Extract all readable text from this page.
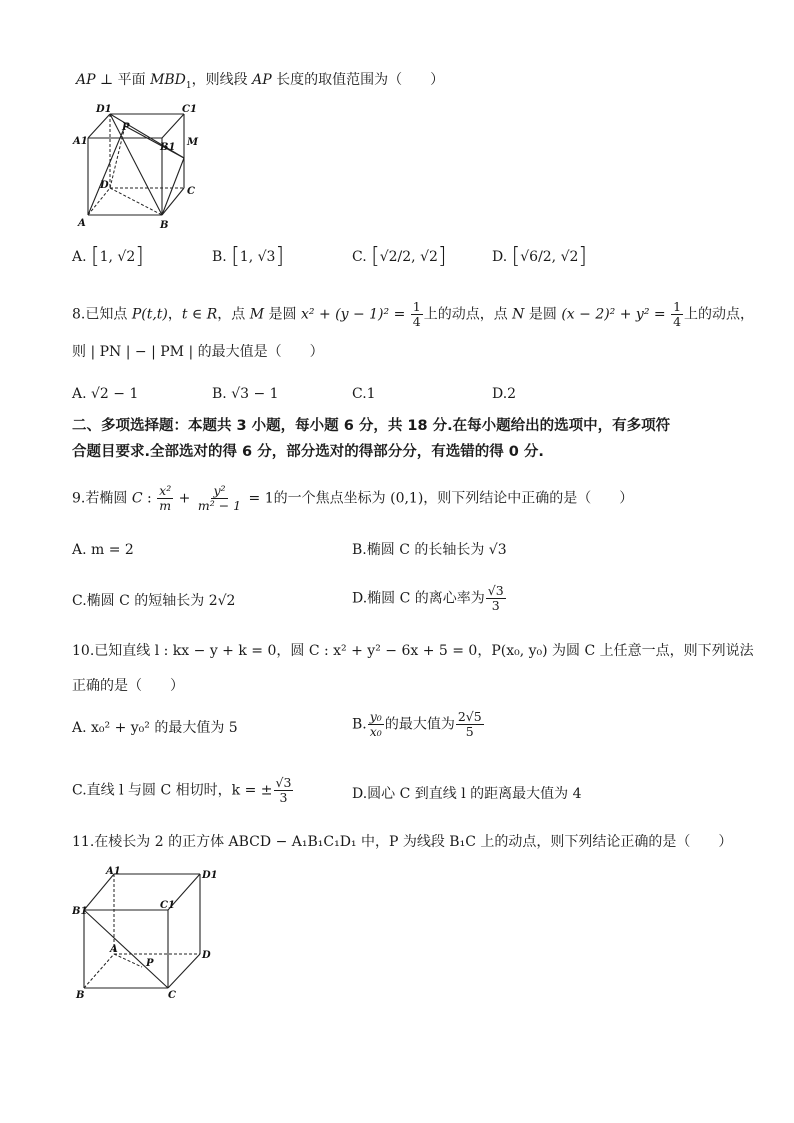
AP ⊥ 平面 $MBD_1$，则线段 AP 长度的取值范围为（　　）
D1	C1
P
A1
B1 M
D
C
A	B
A. [1, √2]	B. [1, √3]	C. [√2/2, √2]	D. [√6/2, √2]
8.已知点 P(t,t)，t ∈ R，点 M 是圆 $x^2 + (y - 1)^2 = \frac{1}{4}$ 上的动点，点 N 是圆 $(x - 2)^2 + y^2 = \frac{1}{4}$ 上的动点，
则 | PN | − | PM | 的最大值是（　　）
A. √2 − 1	B. √3 − 1	C.1	D.2
二、多项选择题：本题共 3 小题，每小题 6 分，共 18 分.在每小题给出的选项中，有多项符
合题目要求.全部选对的得 6 分，部分选对的得部分分，有选错的得 0 分.
9.若椭圆 C : $\frac{\text{x²}}{m} + \frac{\text{y²}}{\text{m² − 1}} = 1$的一个焦点坐标为 (0,1)，则下列结论中正确的是（　　）
A. m = 2	B.椭圆 C 的长轴长为 √3
C.椭圆 C 的短轴长为 2√2	D.椭圆 C 的离心率为 $\frac{√3}{3}$
10.已知直线 l : kx − y + k = 0，圆 C : x² + y² − 6x + 5 = 0，P(x₀, y₀) 为圆 C 上任意一点，则下列说法
正确的是（　　）
A. x₀² + y₀² 的最大值为 5	B. $\frac{\text{y₀}}{\text{x₀}}$ 的最大值为 $\frac{2√5}{5}$
C.直线 l 与圆 C 相切时，k = ± $\frac{√3}{3}$	D.圆心 C 到直线 l 的距离最大值为 4
11.在棱长为 2 的正方体 ABCD − A₁B₁C₁D₁ 中，P 为线段 B₁C 上的动点，则下列结论正确的是（　　）
A1	D1
B1
C1
A
P
D
B	C
